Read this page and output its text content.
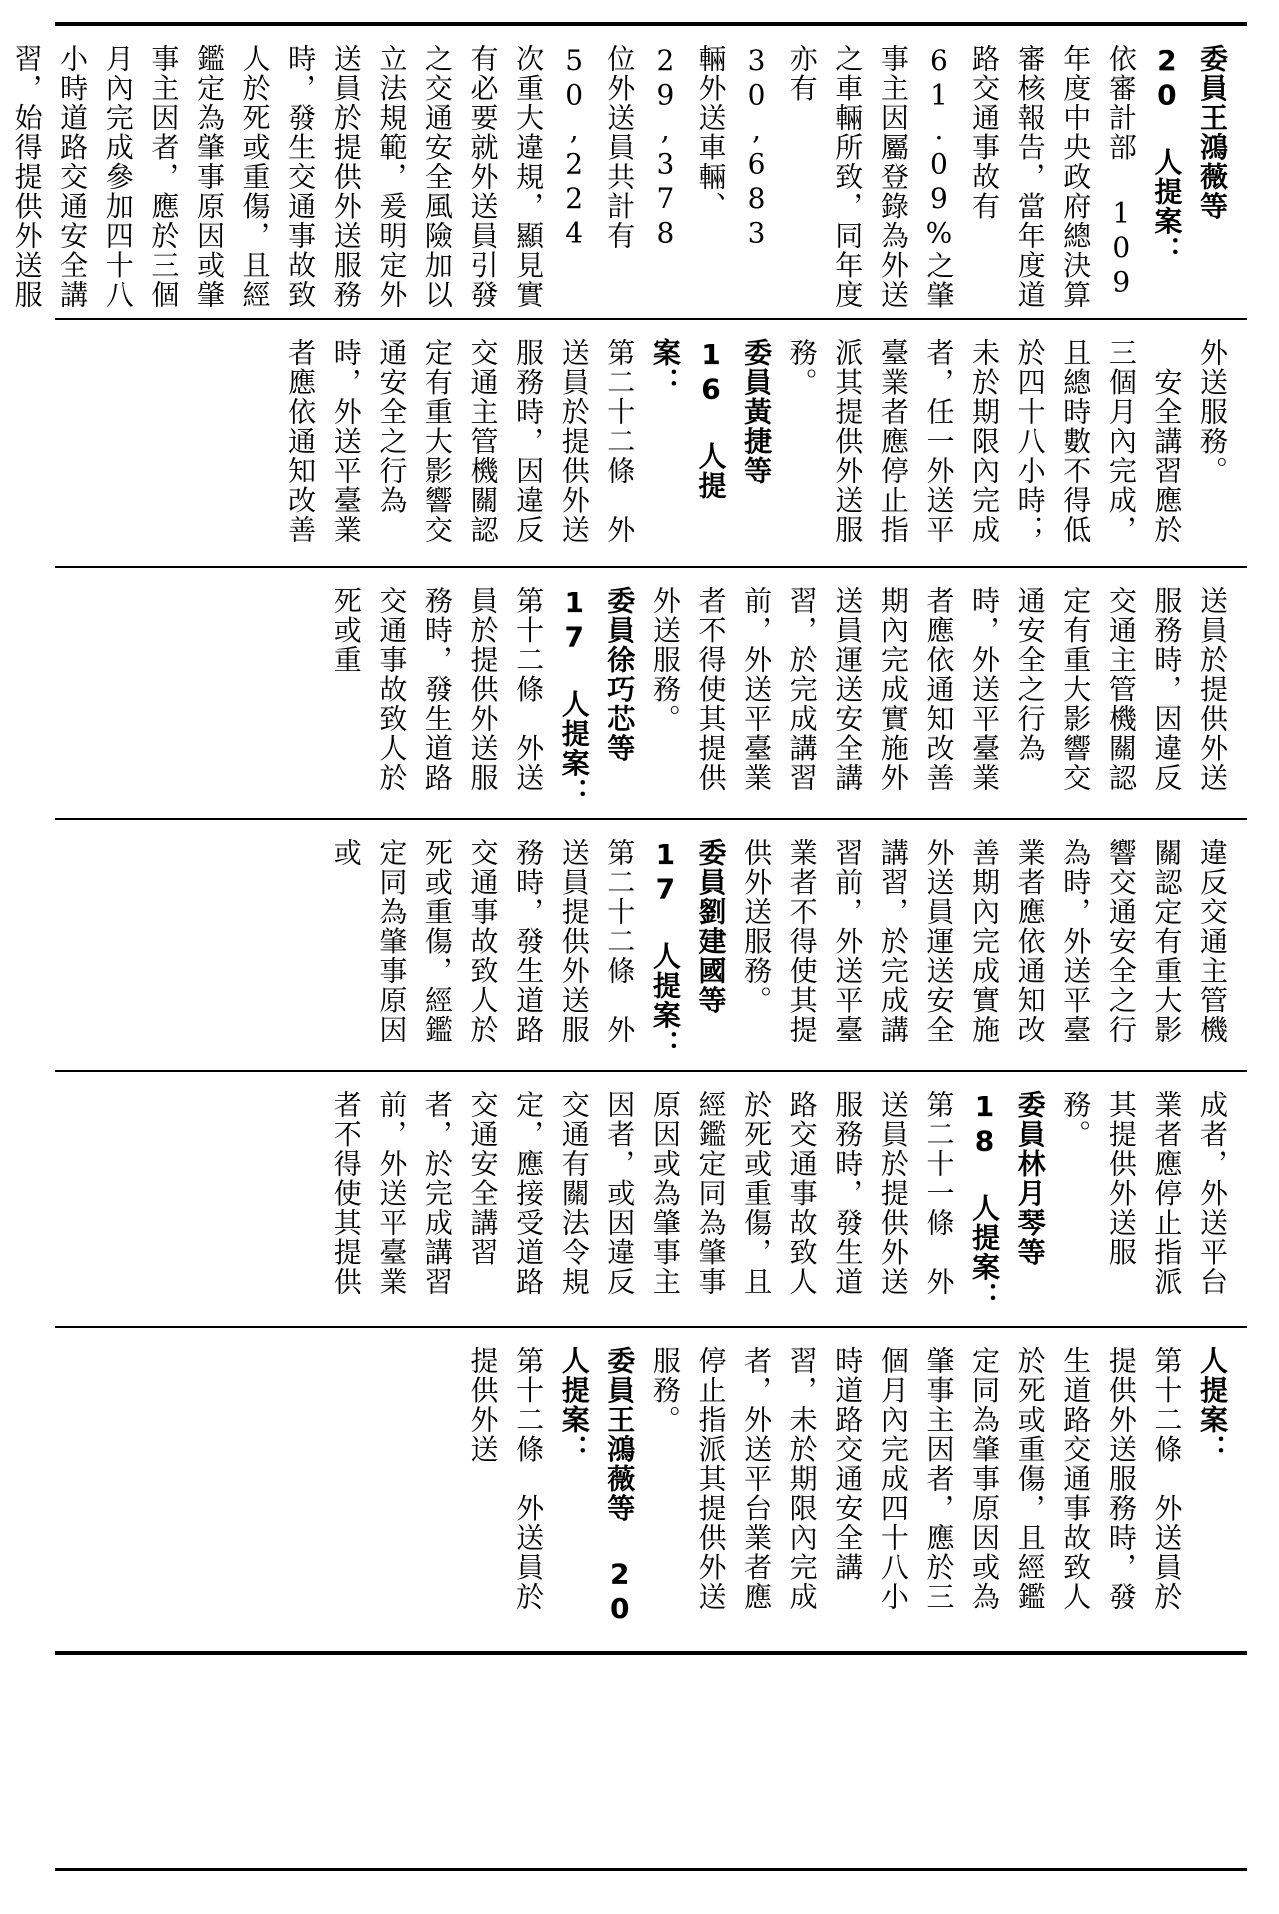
委員王鴻薇等 20 人提案：

依審計部 109 年度中央政府總決算審核報告，當年度道路交通事故有 61.09%之肇事主因屬登錄為外送之車輛所致，同年度亦有 30,683 輛外送車輛、29,378 位外送員共計有 50,224 次重大違規，顯見實有必要就外送員引發之交通安全風險加以立法規範，爰明定外送員於提供外送服務時，發生交通事故致人於死或重傷，且經鑑定為肇事原因或肇事主因者，應於三個月內完成參加四十八小時道路交通安全講習，始得提供外送服

外送服務。

　安全講習應於三個月內完成，且總時數不得低於四十八小時；未於期限內完成者，任一外送平臺業者應停止指派其提供外送服務。

委員黃捷等 16 人提案：

第二十二條　外送員於提供外送服務時，因違反交通主管機關認定有重大影響交通安全之行為時，外送平臺業者應依通知改善

送員於提供外送服務時，因違反交通主管機關認定有重大影響交通安全之行為時，外送平臺業者應依通知改善期內完成實施外送員運送安全講習，於完成講習前，外送平臺業者不得使其提供外送服務。

委員徐巧芯等 17 人提案：

第十二條　外送員於提供外送服務時，發生道路交通事故致人於死或重

違反交通主管機關認定有重大影響交通安全之行為時，外送平臺業者應依通知改善期內完成實施外送員運送安全講習，於完成講習前，外送平臺業者不得使其提供外送服務。

委員劉建國等 17 人提案：

第二十二條　外送員提供外送服務時，發生道路交通事故致人於死或重傷，經鑑定同為肇事原因或

成者，外送平台業者應停止指派其提供外送服務。

委員林月琴等 18 人提案：

第二十一條　外送員於提供外送服務時，發生道路交通事故致人於死或重傷，且經鑑定同為肇事原因或為肇事主因者，或因違反交通有關法令規定，應接受道路交通安全講習者，於完成講習前，外送平臺業者不得使其提供

人提案：

第十二條　外送員於提供外送服務時，發生道路交通事故致人於死或重傷，且經鑑定同為肇事原因或為肇事主因者，應於三個月內完成四十八小時道路交通安全講習，未於期限內完成者，外送平台業者應停止指派其提供外送服務。

委員王鴻薇等 20 人提案：

第十二條　外送員於提供外送
